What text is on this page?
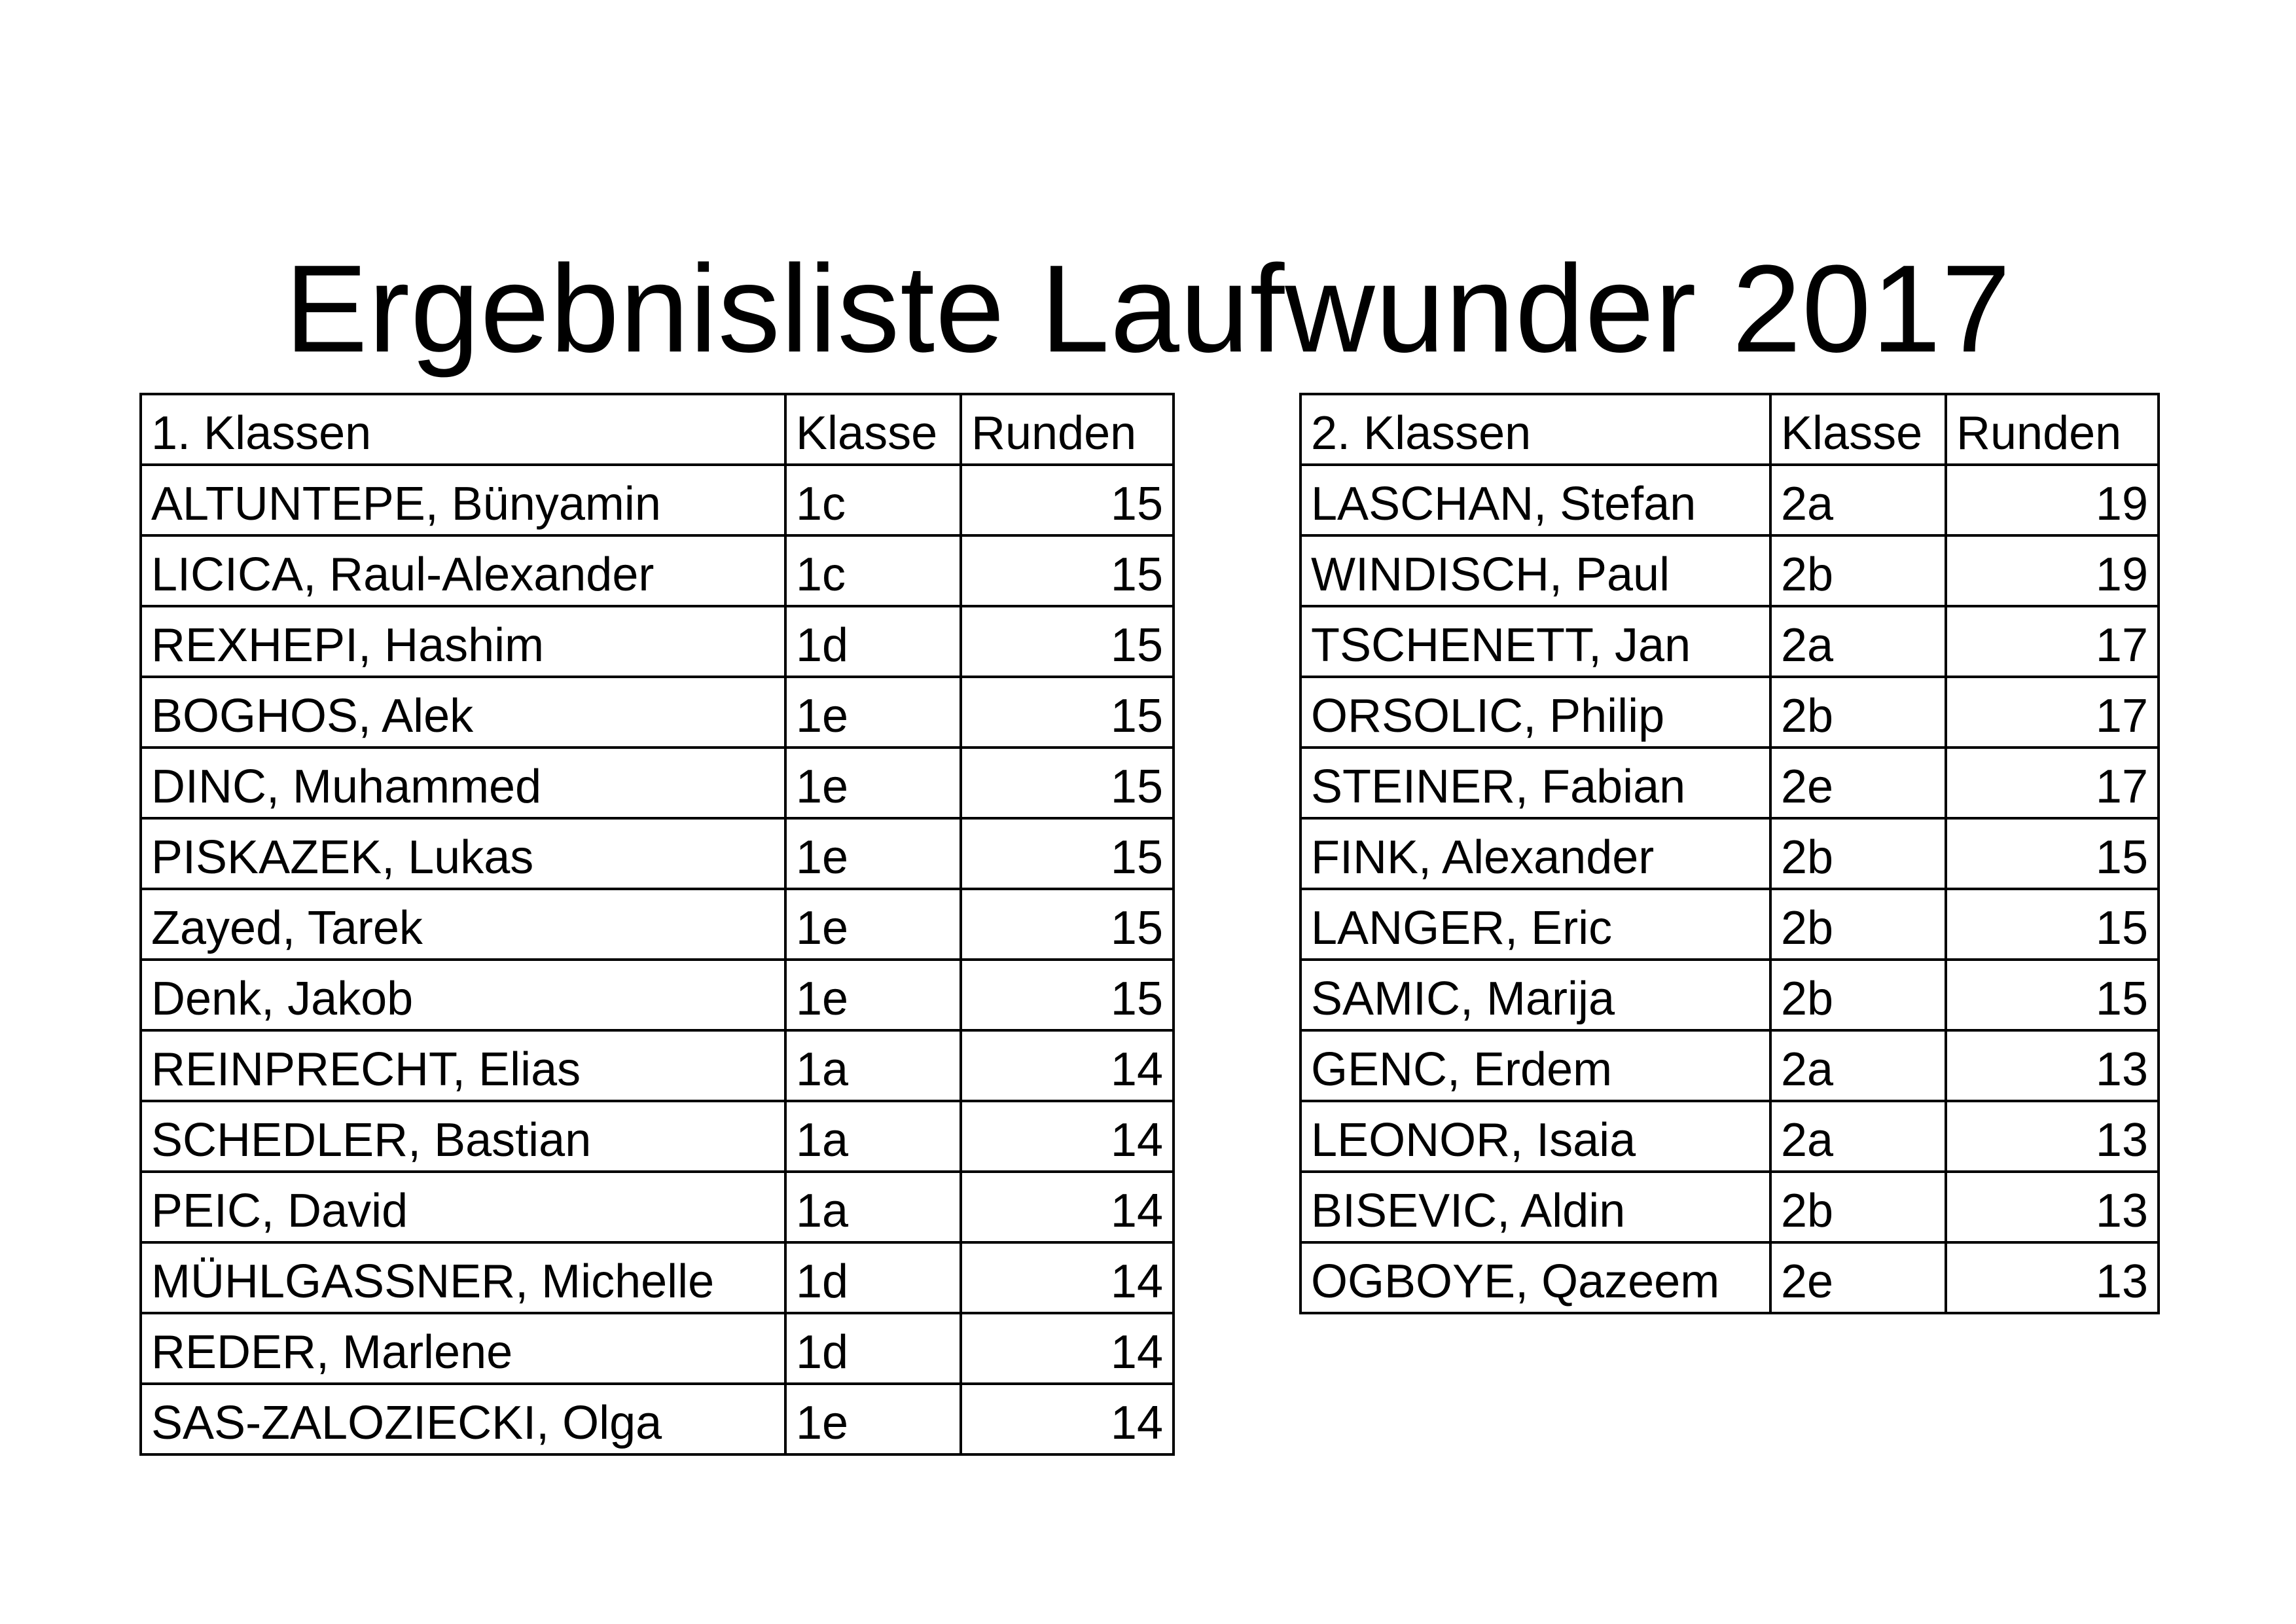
Ergebnisliste Laufwunder 2017
1. Klassen	Klasse	Runden
ALTUNTEPE, Bünyamin	1c	15
LICICA, Raul-Alexander	1c	15
REXHEPI, Hashim	1d	15
BOGHOS, Alek	1e	15
DINC, Muhammed	1e	15
PISKAZEK, Lukas	1e	15
Zayed, Tarek	1e	15
Denk, Jakob	1e	15
REINPRECHT, Elias	1a	14
SCHEDLER, Bastian	1a	14
PEIC, David	1a	14
MÜHLGASSNER, Michelle	1d	14
REDER, Marlene	1d	14
SAS-ZALOZIECKI, Olga	1e	14
2. Klassen	Klasse	Runden
LASCHAN, Stefan	2a	19
WINDISCH, Paul	2b	19
TSCHENETT, Jan	2a	17
ORSOLIC, Philip	2b	17
STEINER, Fabian	2e	17
FINK, Alexander	2b	15
LANGER, Eric	2b	15
SAMIC, Marija	2b	15
GENC, Erdem	2a	13
LEONOR, Isaia	2a	13
BISEVIC, Aldin	2b	13
OGBOYE, Qazeem	2e	13
